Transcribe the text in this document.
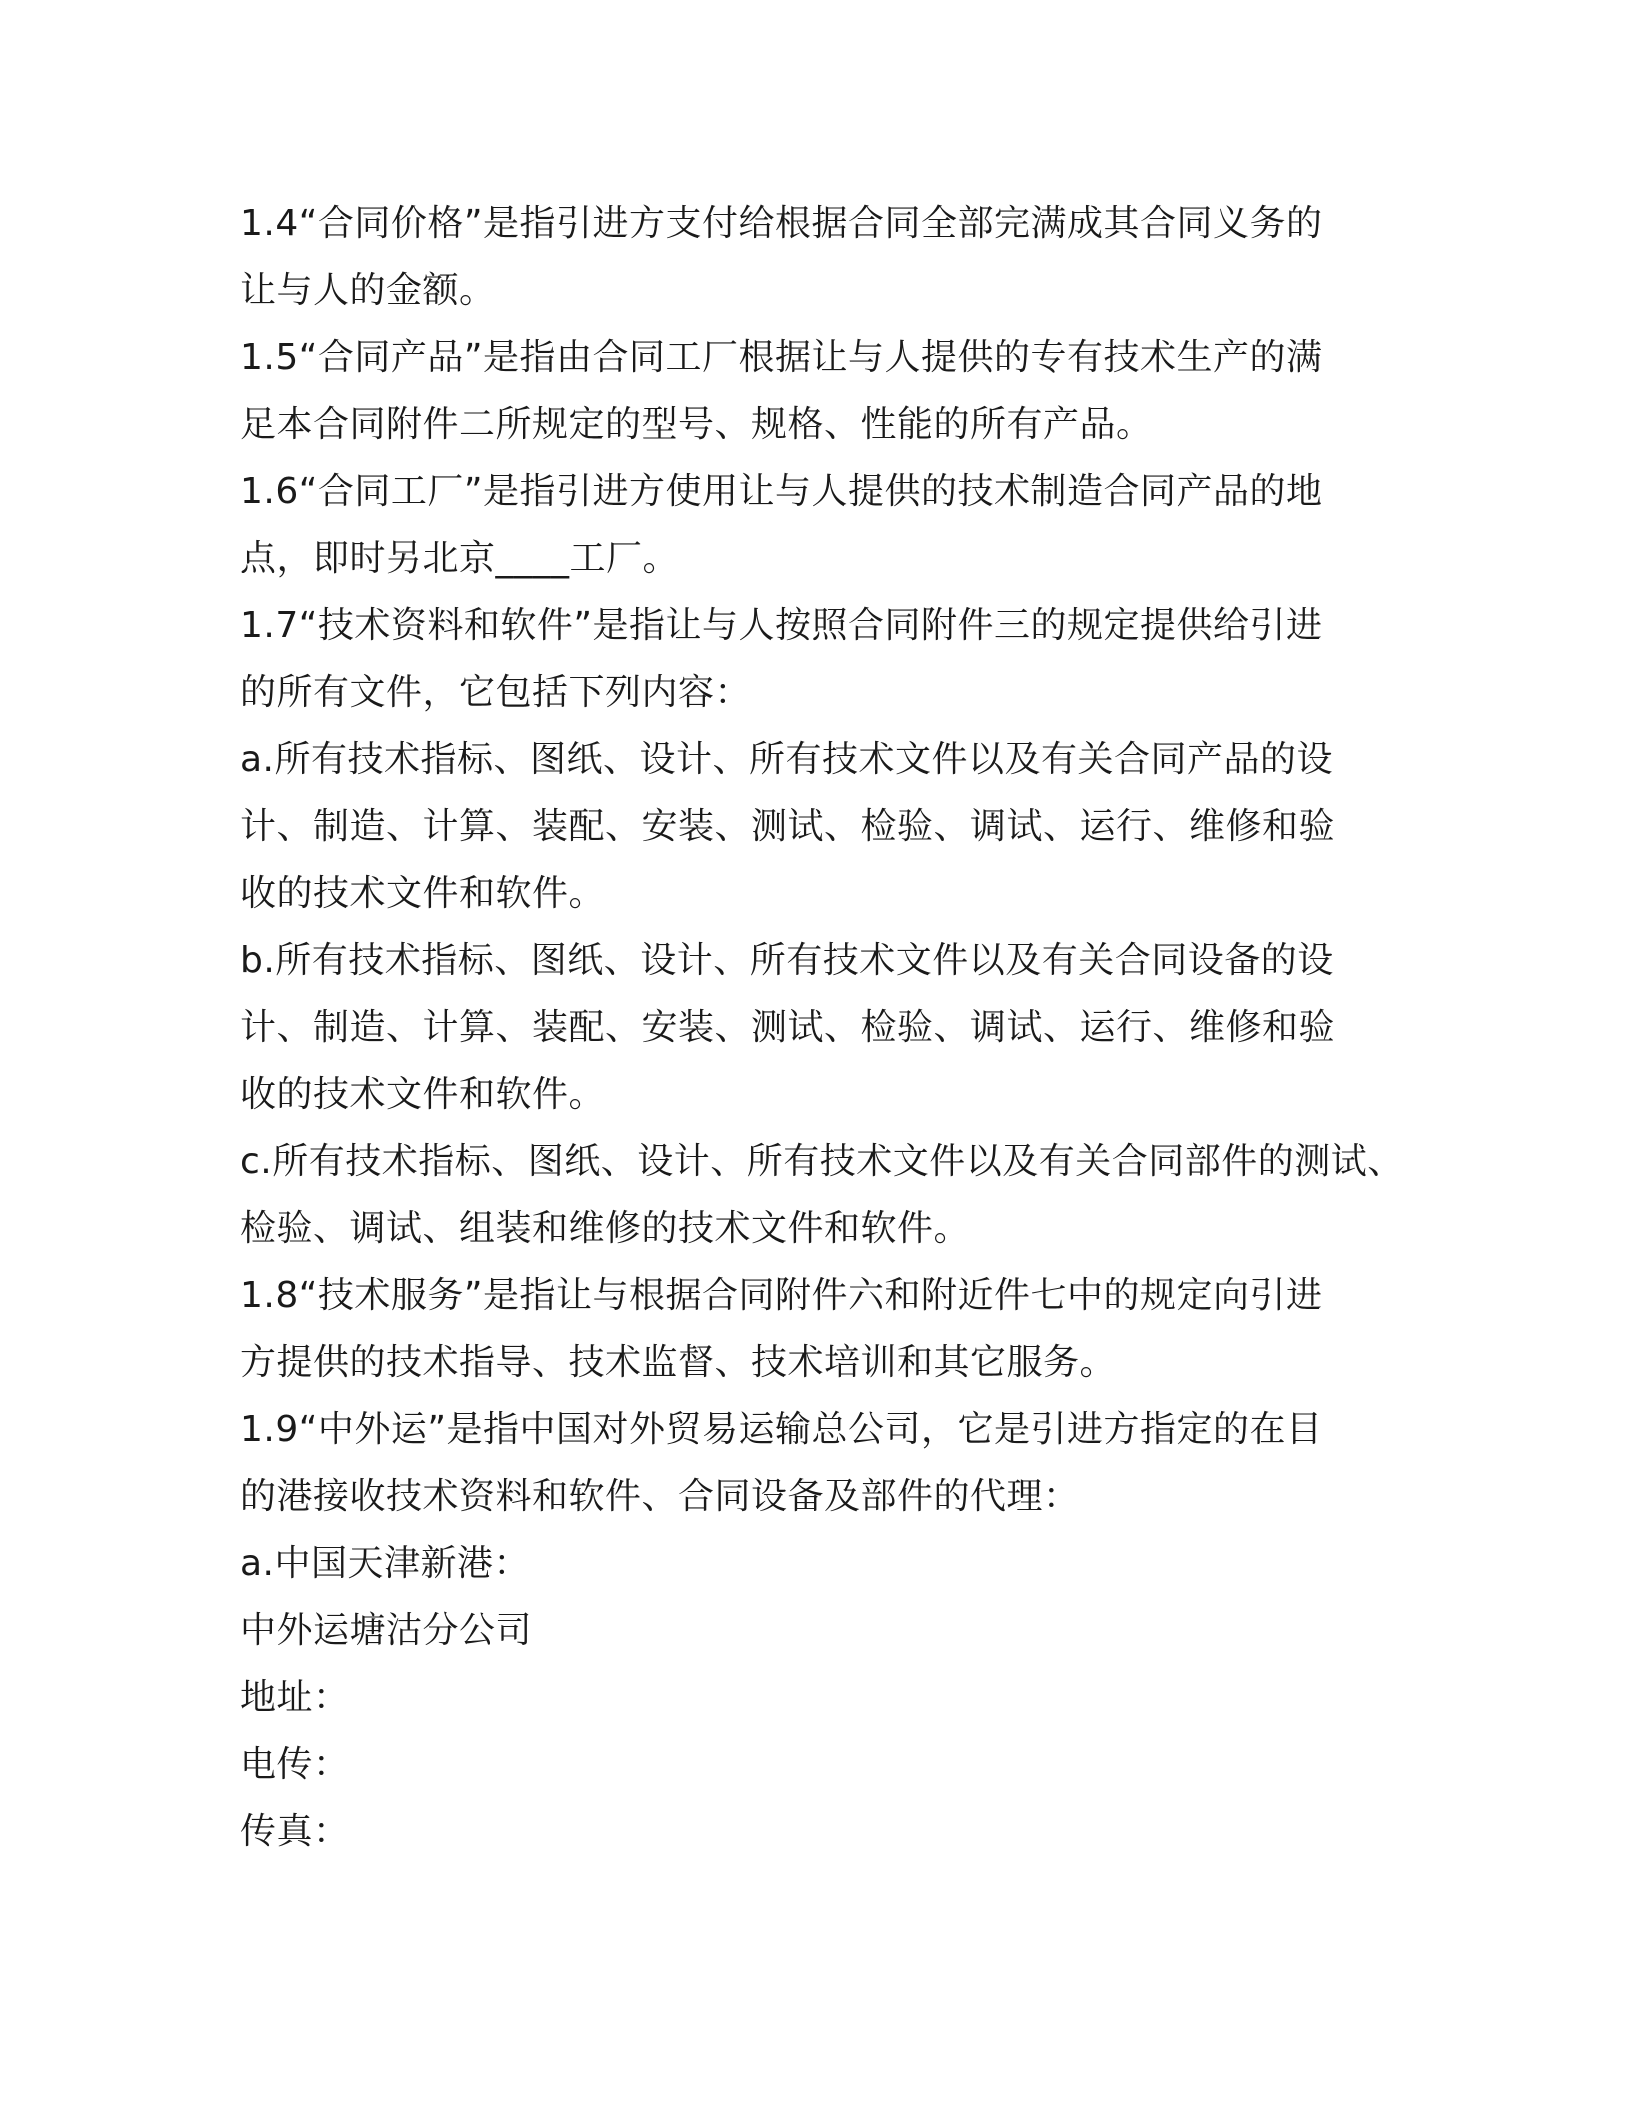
1.4“合同价格”是指引进方支付给根据合同全部完满成其合同义务的
让与人的金额。
1.5“合同产品”是指由合同工厂根据让与人提供的专有技术生产的满
足本合同附件二所规定的型号、规格、性能的所有产品。
1.6“合同工厂”是指引进方使用让与人提供的技术制造合同产品的地
点，即时另北京____工厂。
1.7“技术资料和软件”是指让与人按照合同附件三的规定提供给引进
的所有文件，它包括下列内容：
a.所有技术指标、图纸、设计、所有技术文件以及有关合同产品的设
计、制造、计算、装配、安装、测试、检验、调试、运行、维修和验
收的技术文件和软件。
b.所有技术指标、图纸、设计、所有技术文件以及有关合同设备的设
计、制造、计算、装配、安装、测试、检验、调试、运行、维修和验
收的技术文件和软件。
c.所有技术指标、图纸、设计、所有技术文件以及有关合同部件的测试、
检验、调试、组装和维修的技术文件和软件。
1.8“技术服务”是指让与根据合同附件六和附近件七中的规定向引进
方提供的技术指导、技术监督、技术培训和其它服务。
1.9“中外运”是指中国对外贸易运输总公司，它是引进方指定的在目
的港接收技术资料和软件、合同设备及部件的代理：
a.中国天津新港：
中外运塘沽分公司
地址：
电传：
传真：
